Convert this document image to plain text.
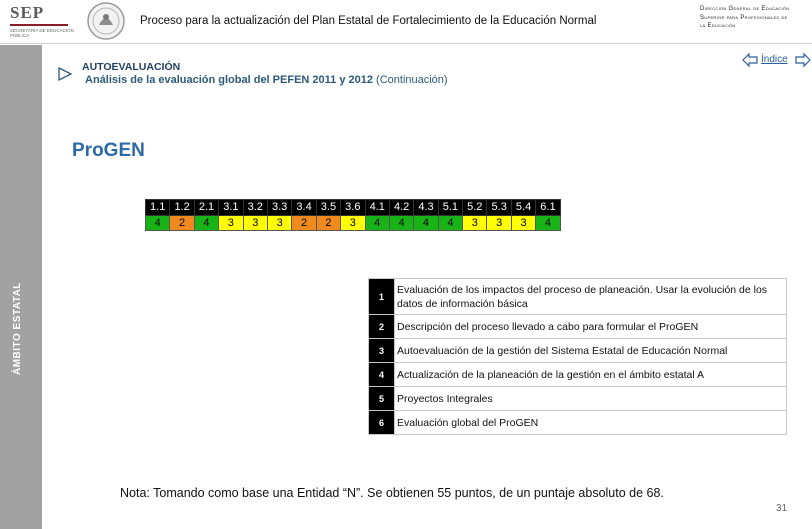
SEP
SECRETARÍA DE EDUCACIÓN PÚBLICA
Proceso para la actualización del Plan Estatal de Fortalecimiento de la Educación Normal
Dirección General de Educación
Superior para Profesionales de
la Educación
ÁMBITO ESTATAL
AUTOEVALUACIÓN
Análisis de la evaluación global del PEFEN 2011 y 2012 (Continuación)
Índice
ProGEN
1.1	1.2	2.1	3.1	3.2	3.3	3.4	3.5	3.6	4.1	4.2	4.3	5.1	5.2	5.3	5.4	6.1
4	2	4	3	3	3	2	2	3	4	4	4	4	3	3	3	4
1	Evaluación de los impactos del proceso de planeación. Usar la evolución de los datos de información básica
2	Descripción del proceso llevado a cabo para formular el ProGEN
3	Autoevaluación de la gestión del Sistema Estatal de Educación Normal
4	Actualización de la planeación de la gestión en el ámbito estatal A
5	Proyectos Integrales
6	Evaluación global del ProGEN
Nota: Tomando como base una Entidad “N”. Se obtienen 55 puntos, de un puntaje absoluto de 68.
31
